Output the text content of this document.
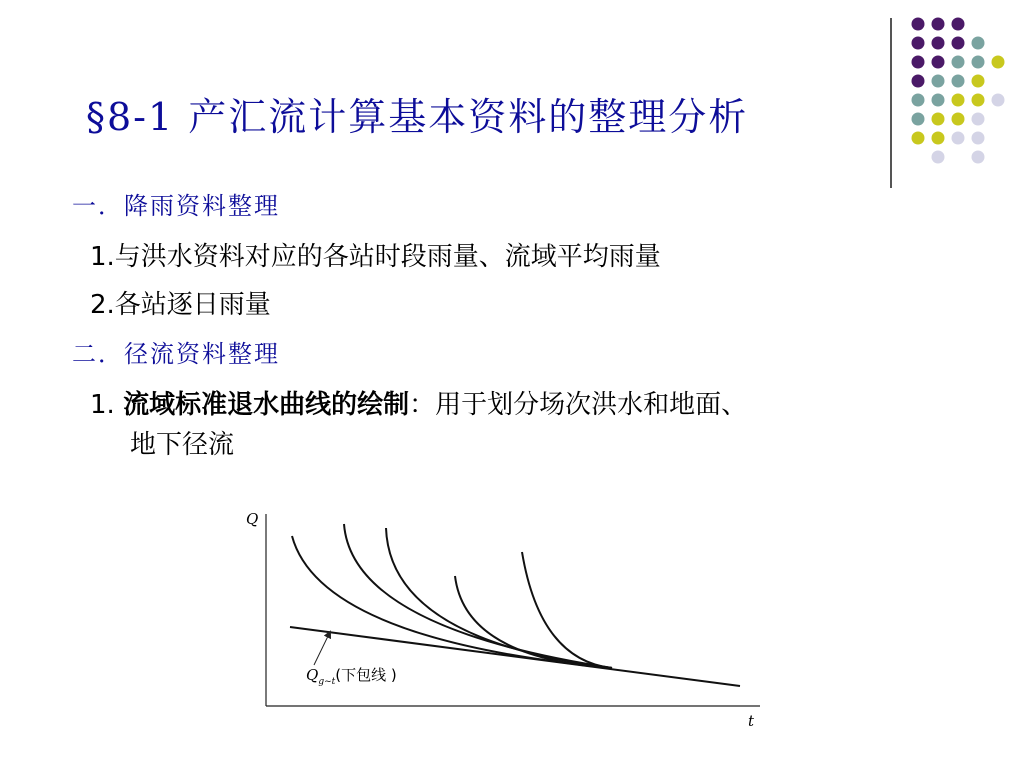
§8-1 产汇流计算基本资料的整理分析
一．降雨资料整理
1.与洪水资料对应的各站时段雨量、流域平均雨量
2.各站逐日雨量
二．径流资料整理
1. 流域标准退水曲线的绘制：用于划分场次洪水和地面、
地下径流
Q
t
$Q_{g\sim t}$(下包线 )
